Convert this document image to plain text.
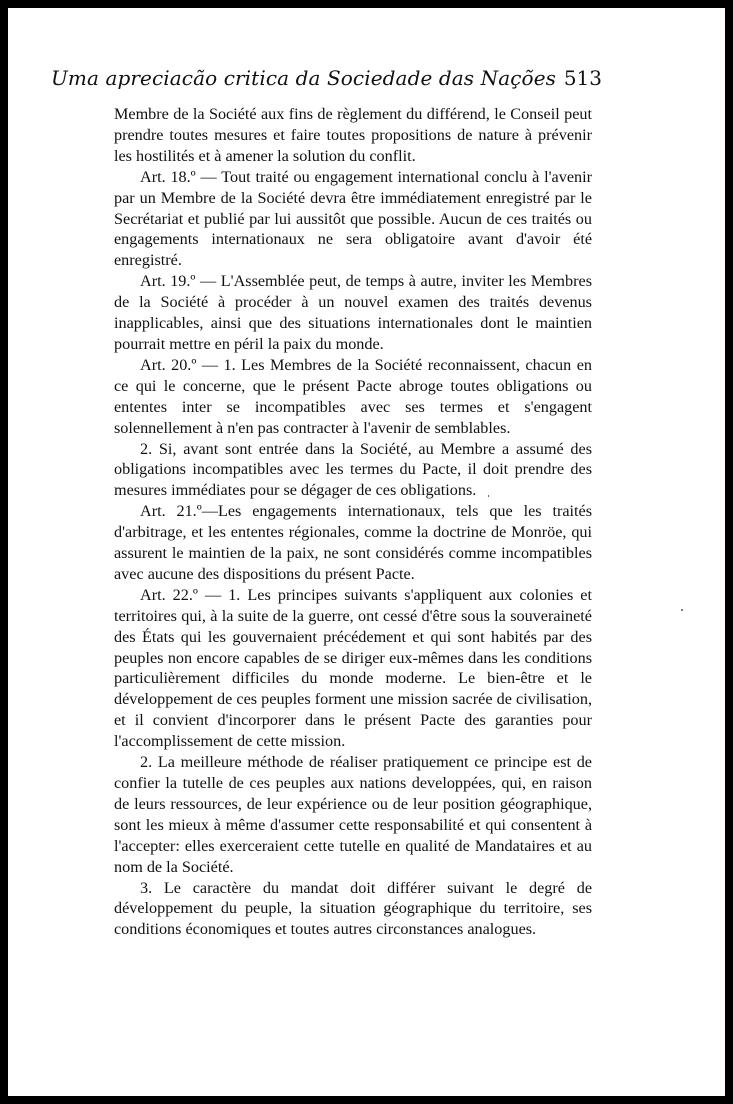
Uma apreciacão critica da Sociedade das Nações 513

Membre de la Société aux fins de règlement du différend, le Conseil peut prendre toutes mesures et faire toutes propositions de nature à prévenir les hostilités et à amener la solution du conflit.

Art. 18.º — Tout traité ou engagement international conclu à l'avenir par un Membre de la Société devra être immédiatement enregistré par le Secrétariat et publié par lui aussitôt que possible. Aucun de ces traités ou engagements internationaux ne sera obligatoire avant d'avoir été enregistré.

Art. 19.º — L'Assemblée peut, de temps à autre, inviter les Membres de la Société à procéder à un nouvel examen des traités devenus inapplicables, ainsi que des situations internationales dont le maintien pourrait mettre en péril la paix du monde.

Art. 20.º — 1. Les Membres de la Société reconnaissent, chacun en ce qui le concerne, que le présent Pacte abroge toutes obligations ou ententes inter se incompatibles avec ses termes et s'engagent solennellement à n'en pas contracter à l'avenir de semblables.

2. Si, avant sont entrée dans la Société, au Membre a assumé des obligations incompatibles avec les termes du Pacte, il doit prendre des mesures immédiates pour se dégager de ces obligations.

Art. 21.º—Les engagements internationaux, tels que les traités d'arbitrage, et les ententes régionales, comme la doctrine de Monröe, qui assurent le maintien de la paix, ne sont considérés comme incompatibles avec aucune des dispositions du présent Pacte.

Art. 22.º — 1. Les principes suivants s'appliquent aux colonies et territoires qui, à la suite de la guerre, ont cessé d'être sous la souveraineté des États qui les gouvernaient précédement et qui sont habités par des peuples non encore capables de se diriger eux-mêmes dans les conditions particulièrement difficiles du monde moderne. Le bien-être et le développement de ces peuples forment une mission sacrée de civilisation, et il convient d'incorporer dans le présent Pacte des garanties pour l'accomplissement de cette mission.

2. La meilleure méthode de réaliser pratiquement ce principe est de confier la tutelle de ces peuples aux nations developpées, qui, en raison de leurs ressources, de leur expérience ou de leur position géographique, sont les mieux à même d'assumer cette responsabilité et qui consentent à l'accepter: elles exerceraient cette tutelle en qualité de Mandataires et au nom de la Société.

3. Le caractère du mandat doit différer suivant le degré de développement du peuple, la situation géographique du territoire, ses conditions économiques et toutes autres circonstances analogues.
